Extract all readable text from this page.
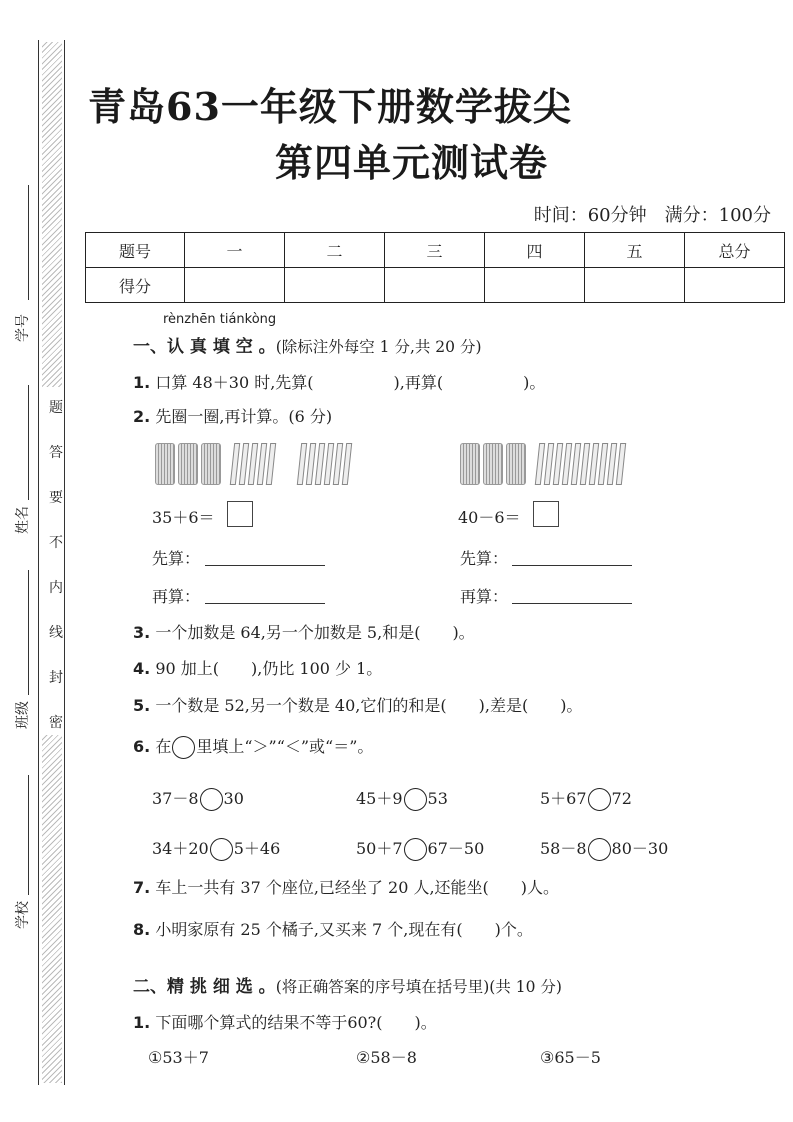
学号
姓名
班级
学校
题
答
要
不
内
线
封
密
青岛63一年级下册数学拔尖
第四单元测试卷
时间：60分钟　满分：100分
题号	一	二	三	四	五	总分
得分						
rènzhēn tiánkòng
一、认 真 填 空 。(除标注外每空 1 分,共 20 分)
1. 口算 48＋30 时,先算(　　　　　),再算(　　　　　)。
2. 先圈一圈,再计算。(6 分)
35＋6＝	40－6＝
先算：
再算：
先算：
再算：
3. 一个加数是 64,另一个加数是 5,和是(　　)。
4. 90 加上(　　),仍比 100 少 1。
5. 一个数是 52,另一个数是 40,它们的和是(　　),差是(　　)。
6. 在 里填上“＞”“＜”或“＝”。
37－8 30	45＋9 53	5＋67 72
34＋20 5＋46	50＋7 67－50	58－8 80－30
7. 车上一共有 37 个座位,已经坐了 20 人,还能坐(　　)人。
8. 小明家原有 25 个橘子,又买来 7 个,现在有(　　)个。
二、精 挑 细 选 。(将正确答案的序号填在括号里)(共 10 分)
1. 下面哪个算式的结果不等于60?(　　)。
①53＋7	②58－8	③65－5
